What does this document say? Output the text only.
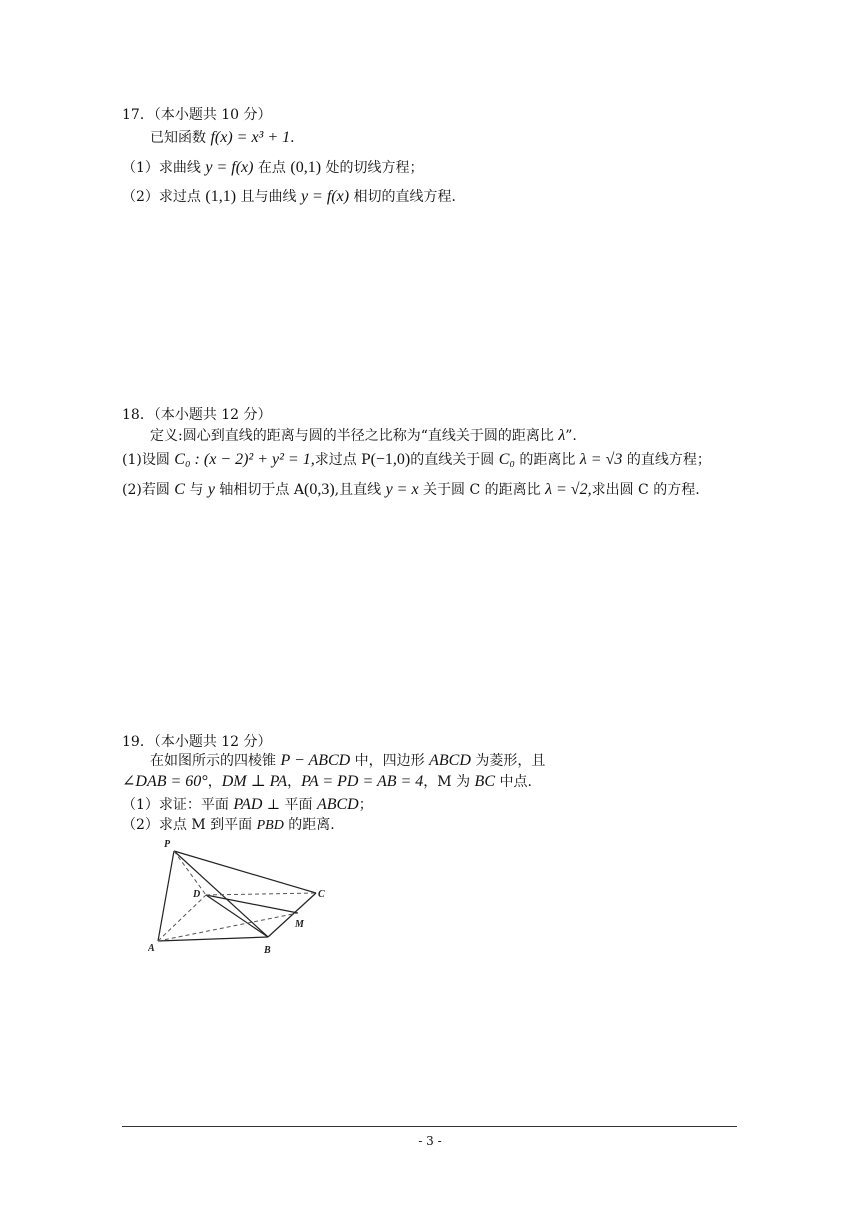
17．（本小题共 10 分）
已知函数 f(x) = x³ + 1．
（1）求曲线 y = f(x) 在点 (0,1) 处的切线方程；
（2）求过点 (1,1) 且与曲线 y = f(x) 相切的直线方程．
18．（本小题共 12 分）
定义:圆心到直线的距离与圆的半径之比称为“直线关于圆的距离比 λ”.
(1)设圆 C₀ : (x − 2)² + y² = 1,求过点 P(−1,0)的直线关于圆 C₀ 的距离比 λ = √3 的直线方程；
(2)若圆 C 与 y 轴相切于点 A(0,3),且直线 y = x 关于圆 C 的距离比 λ = √2,求出圆 C 的方程.
19．（本小题共 12 分）
在如图所示的四棱锥 P − ABCD 中，四边形 ABCD 为菱形，且
∠DAB = 60°，DM ⊥ PA，PA = PD = AB = 4，M 为 BC 中点.
（1）求证：平面 PAD ⊥ 平面 ABCD；
（2）求点 M 到平面 PBD 的距离.
P
A	B
C
D
M
- 3 -
